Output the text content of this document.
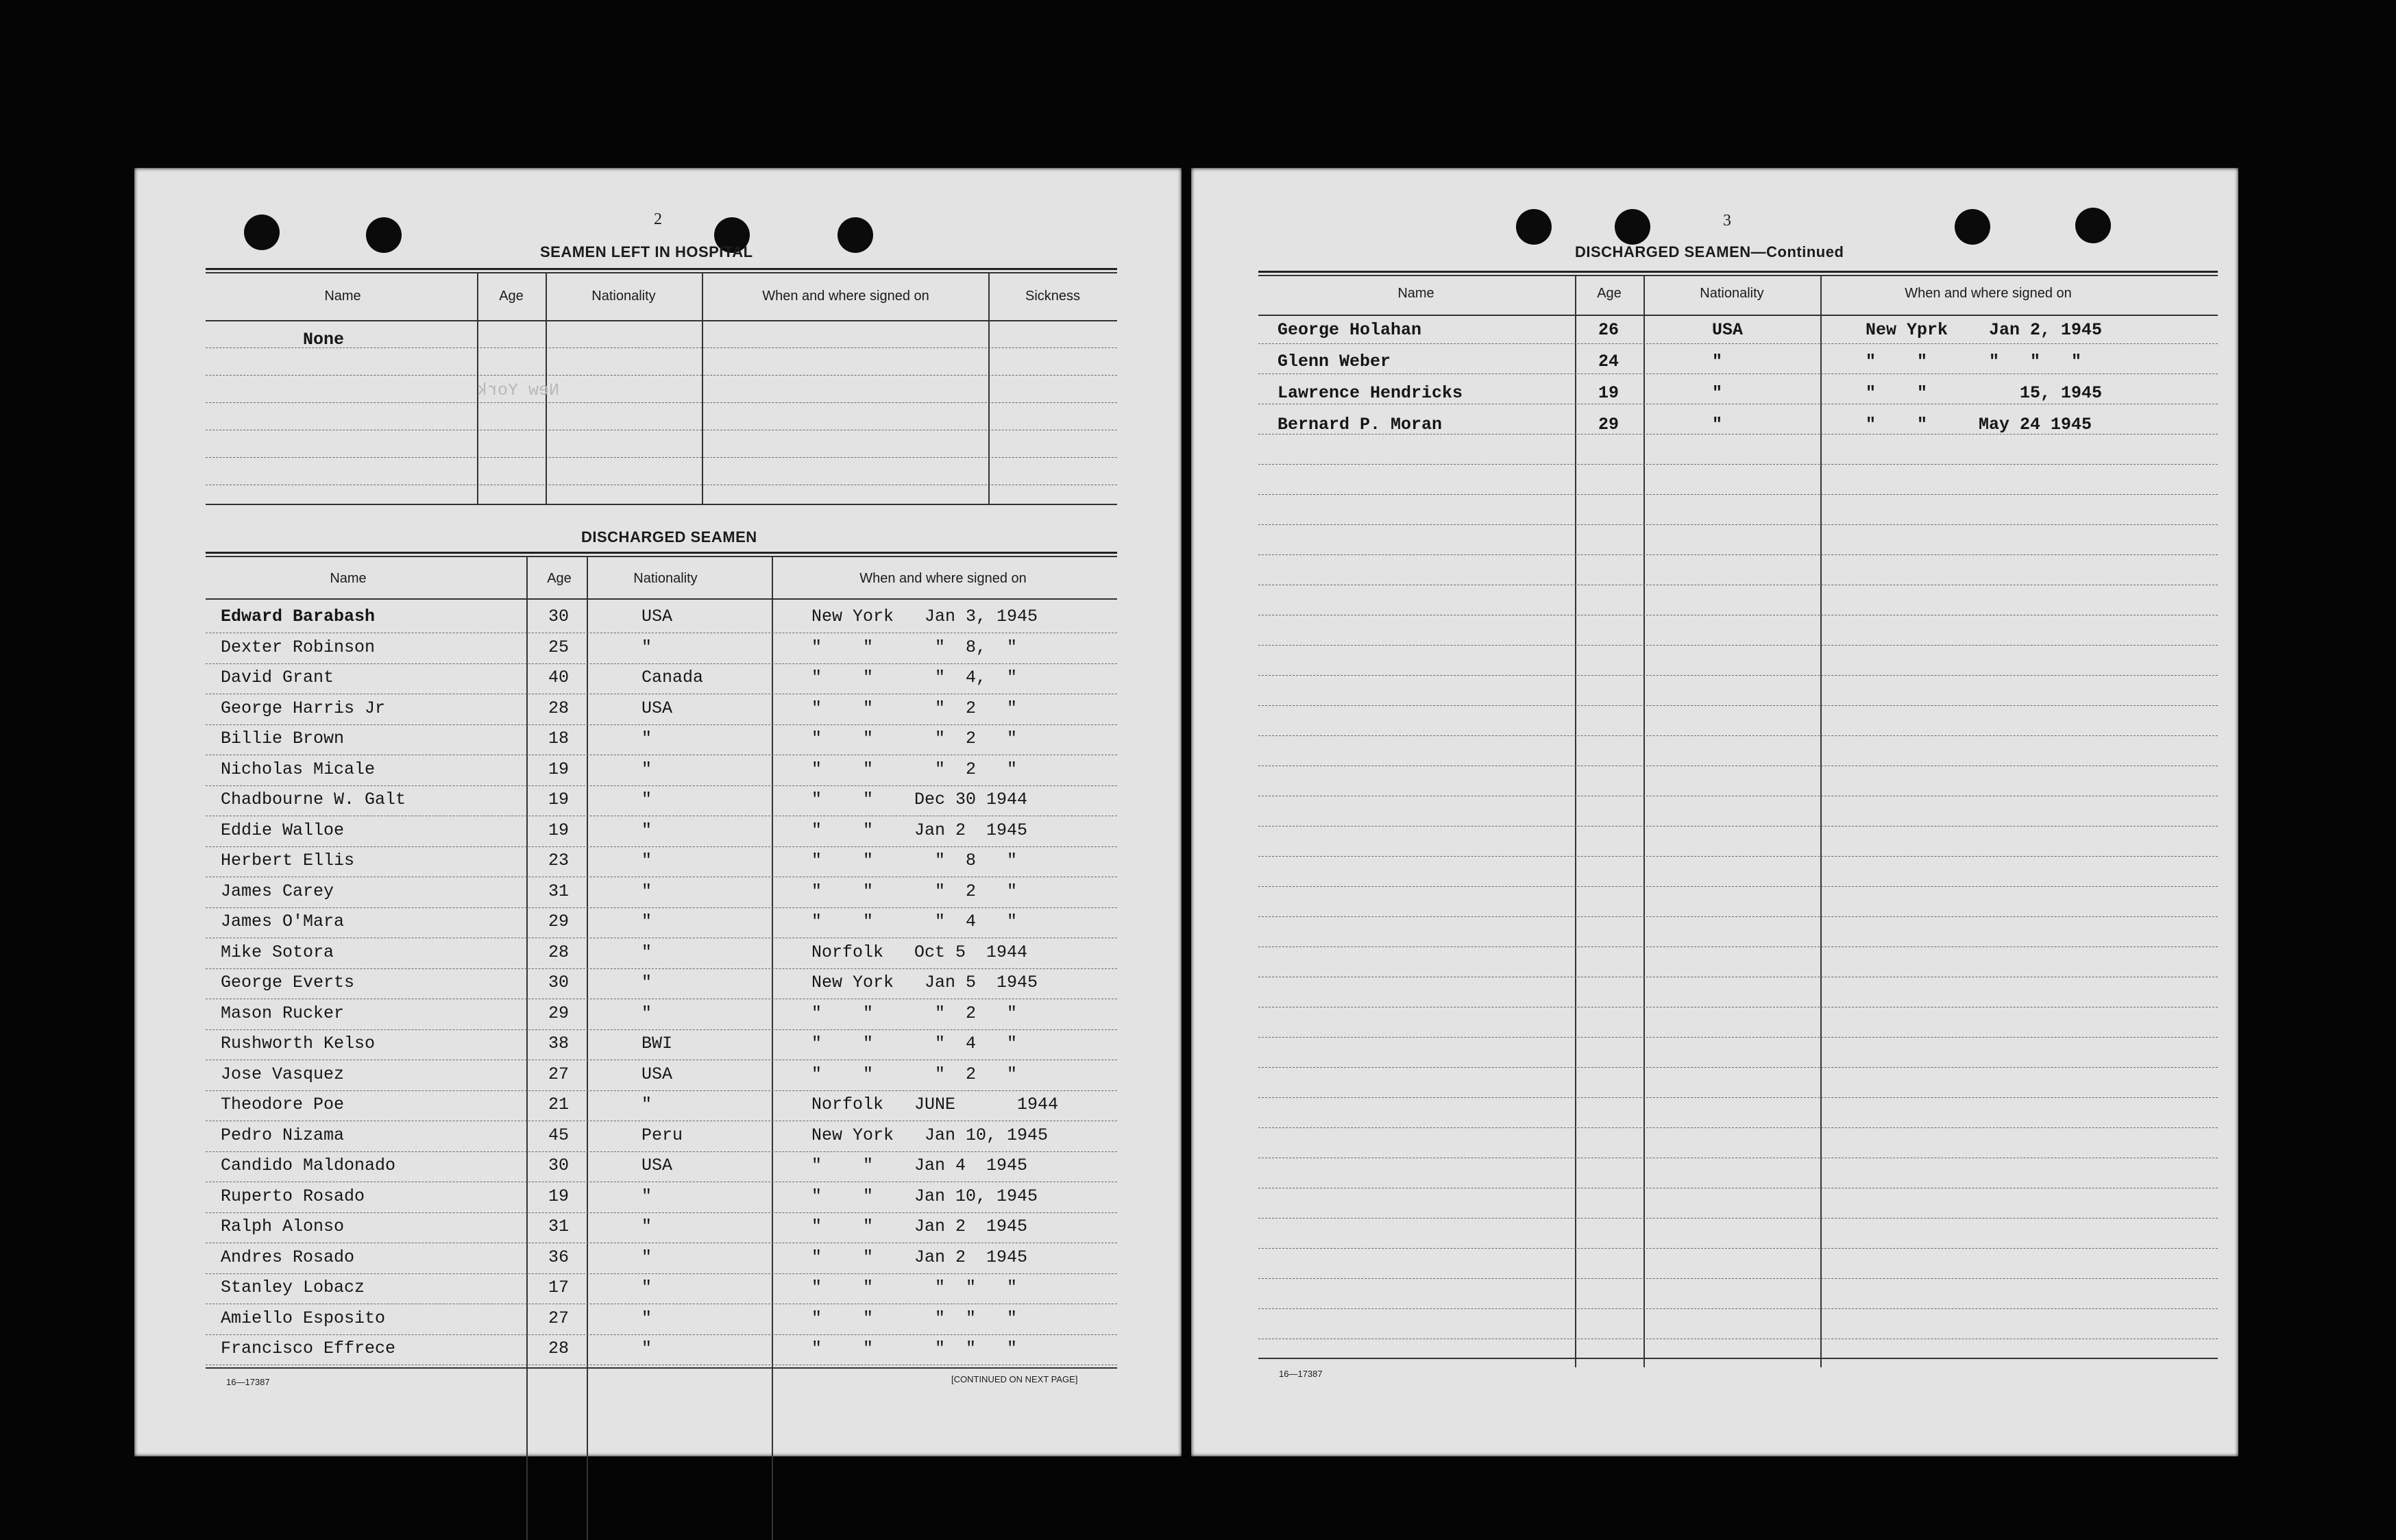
2
SEAMEN LEFT IN HOSPITAL
Name	Age	Nationality	When and where signed on	Sickness
None
New York
DISCHARGED SEAMEN
Name	Age	Nationality	When and where signed on
Edward Barabash	30	USA	New York   Jan 3, 1945
Dexter Robinson	25	"	"    "      "  8,  "
David Grant	40	Canada	"    "      "  4,  "
George Harris Jr	28	USA	"    "      "  2   "
Billie Brown	18	"	"    "      "  2   "
Nicholas Micale	19	"	"    "      "  2   "
Chadbourne W. Galt	19	"	"    "    Dec 30 1944
Eddie Walloe	19	"	"    "    Jan 2  1945
Herbert Ellis	23	"	"    "      "  8   "
James Carey	31	"	"    "      "  2   "
James O'Mara	29	"	"    "      "  4   "
Mike Sotora	28	"	Norfolk   Oct 5  1944
George Everts	30	"	New York   Jan 5  1945
Mason Rucker	29	"	"    "      "  2   "
Rushworth Kelso	38	BWI	"    "      "  4   "
Jose Vasquez	27	USA	"    "      "  2   "
Theodore Poe	21	"	Norfolk   JUNE      1944
Pedro Nizama	45	Peru	New York   Jan 10, 1945
Candido Maldonado	30	USA	"    "    Jan 4  1945
Ruperto Rosado	19	"	"    "    Jan 10, 1945
Ralph Alonso	31	"	"    "    Jan 2  1945
Andres Rosado	36	"	"    "    Jan 2  1945
Stanley Lobacz	17	"	"    "      "  "   "
Amiello Esposito	27	"	"    "      "  "   "
Francisco Effrece	28	"	"    "      "  "   "
16—17387	[CONTINUED ON NEXT PAGE]
3
DISCHARGED SEAMEN—Continued
Name	Age	Nationality	When and where signed on
George Holahan	26	USA	New Yprk    Jan 2, 1945
Glenn Weber	24	"	"    "      "   "   "
Lawrence Hendricks	19	"	"    "         15, 1945
Bernard P. Moran	29	"	"    "     May 24 1945
16—17387
